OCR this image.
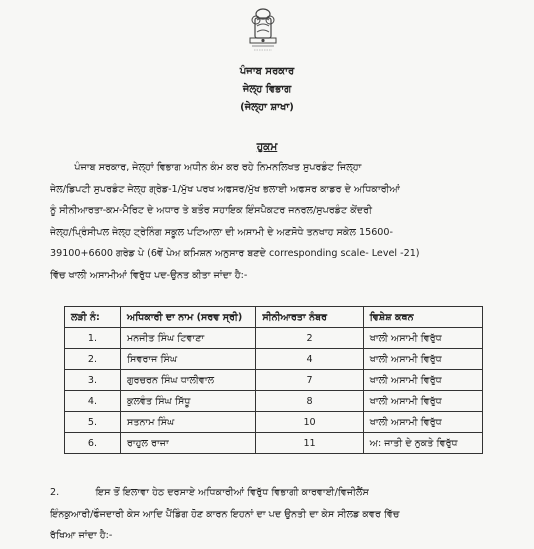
ਪੰਜਾਬ ਸਰਕਾਰ
ਜੇਲ੍ਹ ਵਿਭਾਗ
(ਜੇਲ੍ਹਾ ਸ਼ਾਖਾ)
ਹੁਕਮ
ਪੰਜਾਬ ਸਰਕਾਰ, ਜੇਲ੍ਹਾਂ ਵਿਭਾਗ ਅਧੀਨ ਕੰਮ ਕਰ ਰਹੇ ਨਿਮਨਲਿਖਤ ਸੁਪਰਡੰਟ ਜਿਲ੍ਹਾ
ਜੇਲ/ਡਿਪਟੀ ਸੁਪਰਡੰਟ ਜੇਲ੍ਹ ਗ੍ਰੇਡ-1/ਮੁੱਖ ਪਰਖ ਅਫਸਰ/ਮੁੱਖ ਭਲਾਈ ਅਫਸਰ ਕਾਡਰ ਦੇ ਅਧਿਕਾਰੀਆਂ
ਨੂੰ ਸੀਨੀਆਰਤਾ-ਕਮ-ਮੈਰਿਟ ਦੇ ਅਧਾਰ ਤੇ ਬਤੌਰ ਸਹਾਇਕ ਇੰਸਪੈਕਟਰ ਜਨਰਲ/ਸੁਪਰਡੰਟ ਕੇਂਦਰੀ
ਜੇਲ੍ਹ/ਪ੍ਰਿੰਸੀਪਲ ਜੇਲ੍ਹ ਟ੍ਰੇਨਿੰਗ ਸਕੂਲ ਪਟਿਆਲਾ ਦੀ ਅਸਾਮੀ ਦੇ ਅਣਸੋਧੇ ਤਨਖਾਹ ਸਕੇਲ 15600-
39100+6600 ਗਰੇਡ ਪੇ (6ਵੇਂ ਪੇਅ ਕਮਿਸ਼ਨ ਅਨੁਸਾਰ ਬਣਦੇ corresponding scale- Level -21)
ਵਿੱਚ ਖਾਲੀ ਅਸਾਮੀਆਂ ਵਿਰੁੱਧ ਪਦ-ਉਨਤ ਕੀਤਾ ਜਾਂਦਾ ਹੈ:-
ਲੜੀ ਨੰ:	ਅਧਿਕਾਰੀ ਦਾ ਨਾਮ (ਸਰਵ ਸ੍ਰੀ)	ਸੀਨੀਆਰਤਾ ਨੰਬਰ	ਵਿਸ਼ੇਸ਼ ਕਥਨ
1.	ਮਨਜੀਤ ਸਿੰਘ ਟਿਵਾਣਾ	2	ਖਾਲੀ ਅਸਾਮੀ ਵਿਰੁੱਧ
2.	ਸਿਵਰਾਜ ਸਿੰਘ	4	ਖਾਲੀ ਅਸਾਮੀ ਵਿਰੁੱਧ
3.	ਗੁਰਚਰਨ ਸਿੰਘ ਧਾਲੀਵਾਲ	7	ਖਾਲੀ ਅਸਾਮੀ ਵਿਰੁੱਧ
4.	ਕੁਲਵੰਤ ਸਿੰਘ ਸਿੱਧੂ	8	ਖਾਲੀ ਅਸਾਮੀ ਵਿਰੁੱਧ
5.	ਸਤਨਾਮ ਸਿੰਘ	10	ਖਾਲੀ ਅਸਾਮੀ ਵਿਰੁੱਧ
6.	ਰਾਹੁਲ ਰਾਜਾ	11	ਅ: ਜਾਤੀ ਦੇ ਨੁਕਤੇ ਵਿਰੁੱਧ
2.            ਇਸ ਤੋਂ ਇਲਾਵਾ ਹੇਠ ਦਰਸਾਏ ਅਧਿਕਾਰੀਆਂ ਵਿਰੁੱਧ ਵਿਭਾਗੀ ਕਾਰਵਾਈ/ਵਿਜੀਲੈਂਸ
ਇੰਨਕੁਆਰੀ/ਫੌਜਦਾਰੀ ਕੇਸ ਆਦਿ ਪੈਂਡਿੰਗ ਹੋਣ ਕਾਰਨ ਇਹਨਾਂ ਦਾ ਪਦ ਉਨਤੀ ਦਾ ਕੇਸ ਸੀਲਡ ਕਵਰ ਵਿੱਚ
ਰੱਖਿਆ ਜਾਂਦਾ ਹੈ:-
